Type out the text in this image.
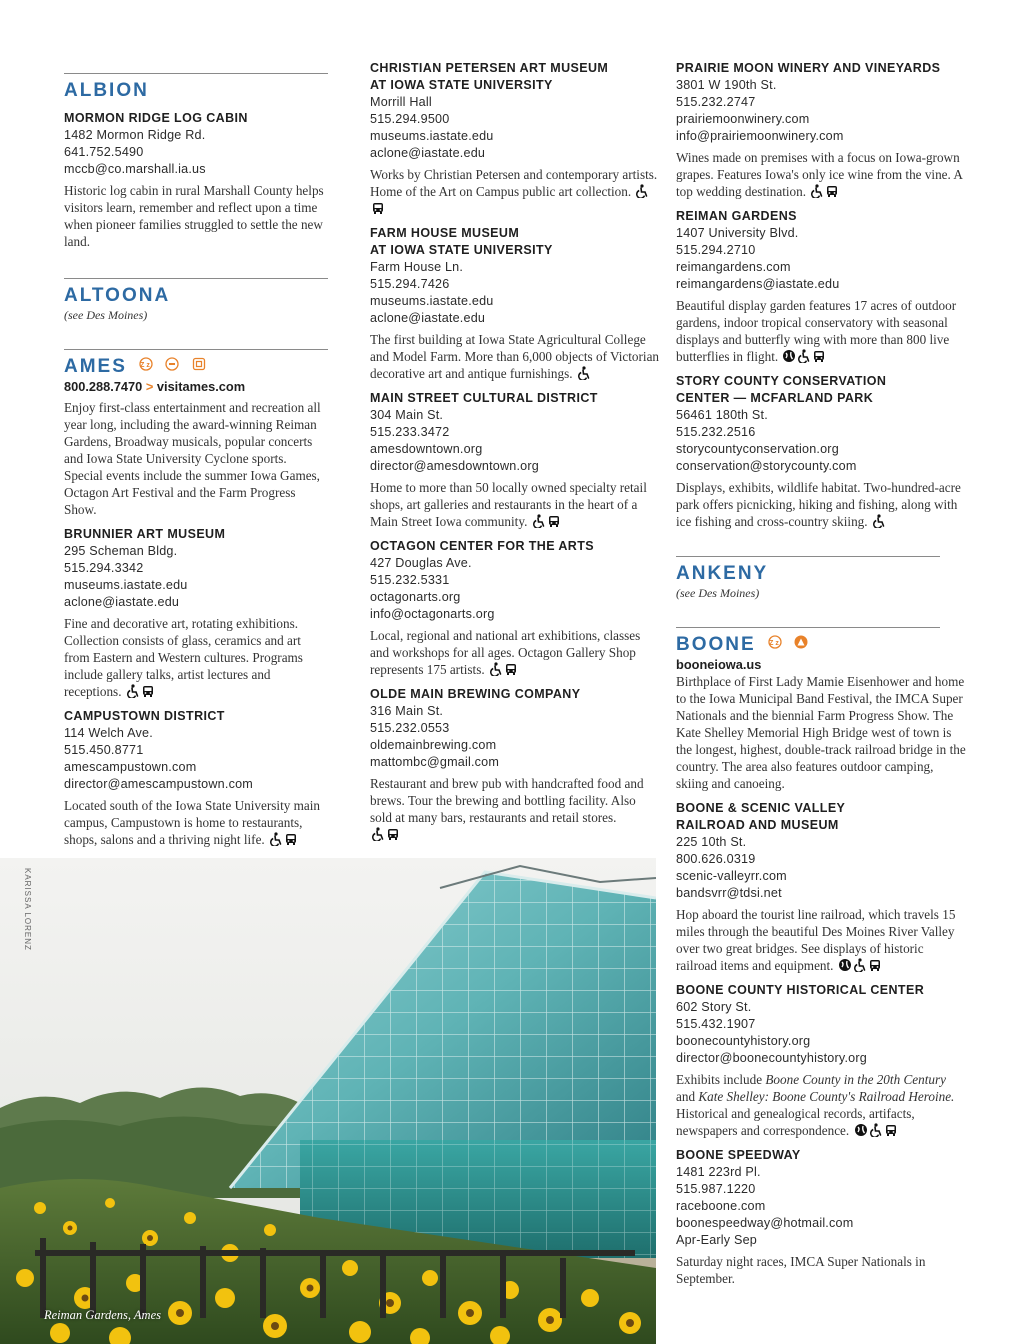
ALBION
MORMON RIDGE LOG CABIN
1482 Mormon Ridge Rd.
641.752.5490
mccb@co.marshall.ia.us
Historic log cabin in rural Marshall County helps visitors learn, remember and reflect upon a time when pioneer families struggled to settle the new land.
ALTOONA
(see Des Moines)
AMES Zz

800.288.7470 > visitames.com
Enjoy first-class entertainment and recreation all year long, including the award-winning Reiman Gardens, Broadway musicals, popular concerts and Iowa State University Cyclone sports. Special events include the summer Iowa Games, Octagon Art Festival and the Farm Progress Show.
BRUNNIER ART MUSEUM
295 Scheman Bldg.
515.294.3342
museums.iastate.edu
aclone@iastate.edu
Fine and decorative art, rotating exhibitions. Collection consists of glass, ceramics and art from Eastern and Western cultures. Programs include gallery talks, artist lectures and receptions.
CAMPUSTOWN DISTRICT
114 Welch Ave.
515.450.8771
amescampustown.com
director@amescampustown.com
Located south of the Iowa State University main campus, Campustown is home to restaurants, shops, salons and a thriving night life.
CHRISTIAN PETERSEN ART MUSEUM
AT IOWA STATE UNIVERSITY
Morrill Hall
515.294.9500
museums.iastate.edu
aclone@iastate.edu
Works by Christian Petersen and contemporary artists. Home of the Art on Campus public art collection.
FARM HOUSE MUSEUM
AT IOWA STATE UNIVERSITY
Farm House Ln.
515.294.7426
museums.iastate.edu
aclone@iastate.edu
The first building at Iowa State Agricultural College and Model Farm. More than 6,000 objects of Victorian decorative art and antique furnishings.
MAIN STREET CULTURAL DISTRICT
304 Main St.
515.233.3472
amesdowntown.org
director@amesdowntown.org
Home to more than 50 locally owned specialty retail shops, art galleries and restaurants in the heart of a Main Street Iowa community.
OCTAGON CENTER FOR THE ARTS
427 Douglas Ave.
515.232.5331
octagonarts.org
info@octagonarts.org
Local, regional and national art exhibitions, classes and workshops for all ages. Octagon Gallery Shop represents 175 artists.
OLDE MAIN BREWING COMPANY
316 Main St.
515.232.0553
oldemainbrewing.com
mattombc@gmail.com
Restaurant and brew pub with handcrafted food and brews. Tour the brewing and bottling facility. Also sold at many bars, restaurants and retail stores.

PRAIRIE MOON WINERY AND VINEYARDS
3801 W 190th St.
515.232.2747
prairiemoonwinery.com
info@prairiemoonwinery.com
Wines made on premises with a focus on Iowa-grown grapes. Features Iowa's only ice wine from the vine. A top wedding destination.
REIMAN GARDENS
1407 University Blvd.
515.294.2710
reimangardens.com
reimangardens@iastate.edu
Beautiful display garden features 17 acres of outdoor gardens, indoor tropical conservatory with seasonal displays and butterfly wing with more than 800 live butterflies in flight.
STORY COUNTY CONSERVATION
CENTER — MCFARLAND PARK
56461 180th St.
515.232.2516
storycountyconservation.org
conservation@storycounty.com
Displays, exhibits, wildlife habitat. Two-hundred-acre park offers picnicking, hiking and fishing, along with ice fishing and cross-country skiing.
ANKENY
(see Des Moines)
BOONE Zz

booneiowa.us
Birthplace of First Lady Mamie Eisenhower and home to the Iowa Municipal Band Festival, the IMCA Super Nationals and the biennial Farm Progress Show. The Kate Shelley Memorial High Bridge west of town is the longest, highest, double-track railroad bridge in the country. The area also features outdoor camping, skiing and canoeing.
BOONE & SCENIC VALLEY
RAILROAD AND MUSEUM
225 10th St.
800.626.0319
scenic-valleyrr.com
bandsvrr@tdsi.net
Hop aboard the tourist line railroad, which travels 15 miles through the beautiful Des Moines River Valley over two great bridges. See displays of historic railroad items and equipment.
BOONE COUNTY HISTORICAL CENTER
602 Story St.
515.432.1907
boonecountyhistory.org
director@boonecountyhistory.org
Exhibits include Boone County in the 20th Century and Kate Shelley: Boone County's Railroad Heroine. Historical and genealogical records, artifacts, newspapers and correspondence.
BOONE SPEEDWAY
1481 223rd Pl.
515.987.1220
raceboone.com
boonespeedway@hotmail.com
Apr-Early Sep
Saturday night races, IMCA Super Nationals in September.
KARISSA LORENZ
Reiman Gardens, Ames
